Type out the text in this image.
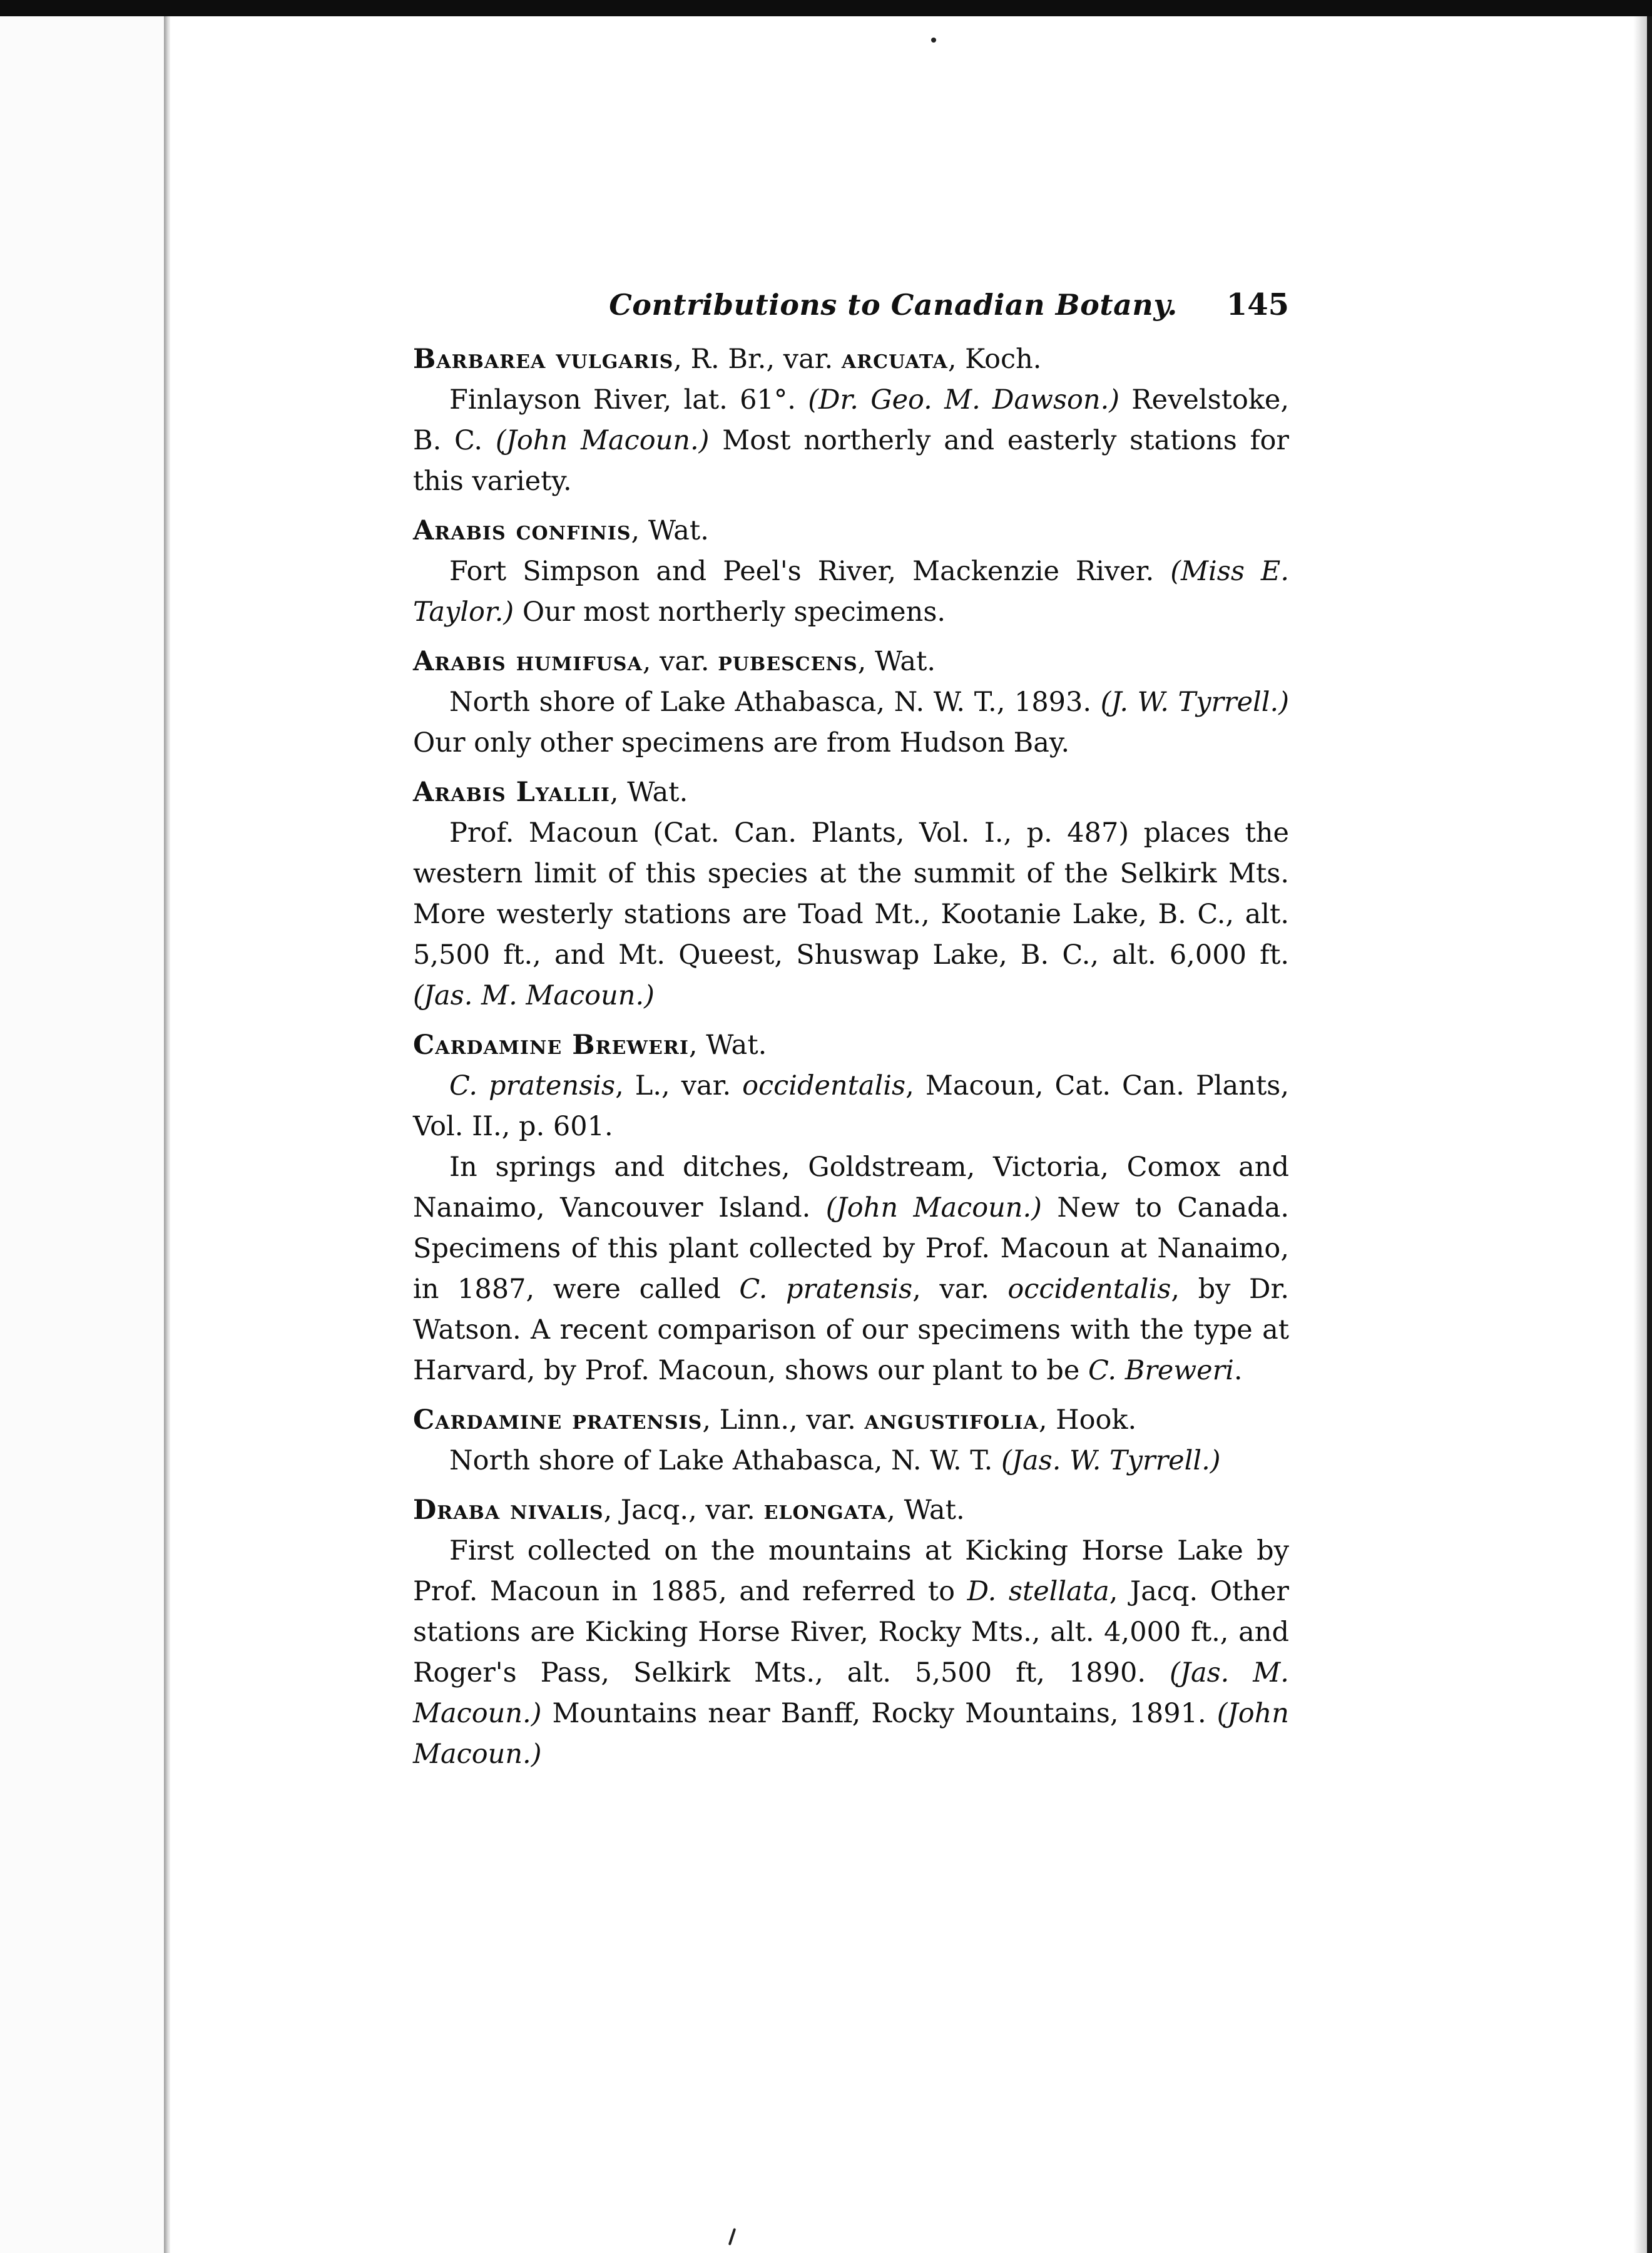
Contributions to Canadian Botany. 145

Barbarea vulgaris, R. Br., var. arcuata, Koch.

Finlayson River, lat. 61°. (Dr. Geo. M. Dawson.) Revelstoke, B. C. (John Macoun.) Most northerly and easterly stations for this variety.

Arabis confinis, Wat.

Fort Simpson and Peel's River, Mackenzie River. (Miss E. Taylor.) Our most northerly specimens.

Arabis humifusa, var. pubescens, Wat.

North shore of Lake Athabasca, N. W. T., 1893. (J. W. Tyrrell.) Our only other specimens are from Hudson Bay.

Arabis Lyallii, Wat.

Prof. Macoun (Cat. Can. Plants, Vol. I., p. 487) places the western limit of this species at the summit of the Selkirk Mts. More westerly stations are Toad Mt., Kootanie Lake, B. C., alt. 5,500 ft., and Mt. Queest, Shuswap Lake, B. C., alt. 6,000 ft. (Jas. M. Macoun.)

Cardamine Breweri, Wat.

C. pratensis, L., var. occidentalis, Macoun, Cat. Can. Plants, Vol. II., p. 601.

In springs and ditches, Goldstream, Victoria, Comox and Nanaimo, Vancouver Island. (John Macoun.) New to Canada. Specimens of this plant collected by Prof. Macoun at Nanaimo, in 1887, were called C. pratensis, var. occidentalis, by Dr. Watson. A recent comparison of our specimens with the type at Harvard, by Prof. Macoun, shows our plant to be C. Breweri.

Cardamine pratensis, Linn., var. angustifolia, Hook.

North shore of Lake Athabasca, N. W. T. (Jas. W. Tyrrell.)

Draba nivalis, Jacq., var. elongata, Wat.

First collected on the mountains at Kicking Horse Lake by Prof. Macoun in 1885, and referred to D. stellata, Jacq. Other stations are Kicking Horse River, Rocky Mts., alt. 4,000 ft., and Roger's Pass, Selkirk Mts., alt. 5,500 ft, 1890. (Jas. M. Macoun.) Mountains near Banff, Rocky Mountains, 1891. (John Macoun.)
